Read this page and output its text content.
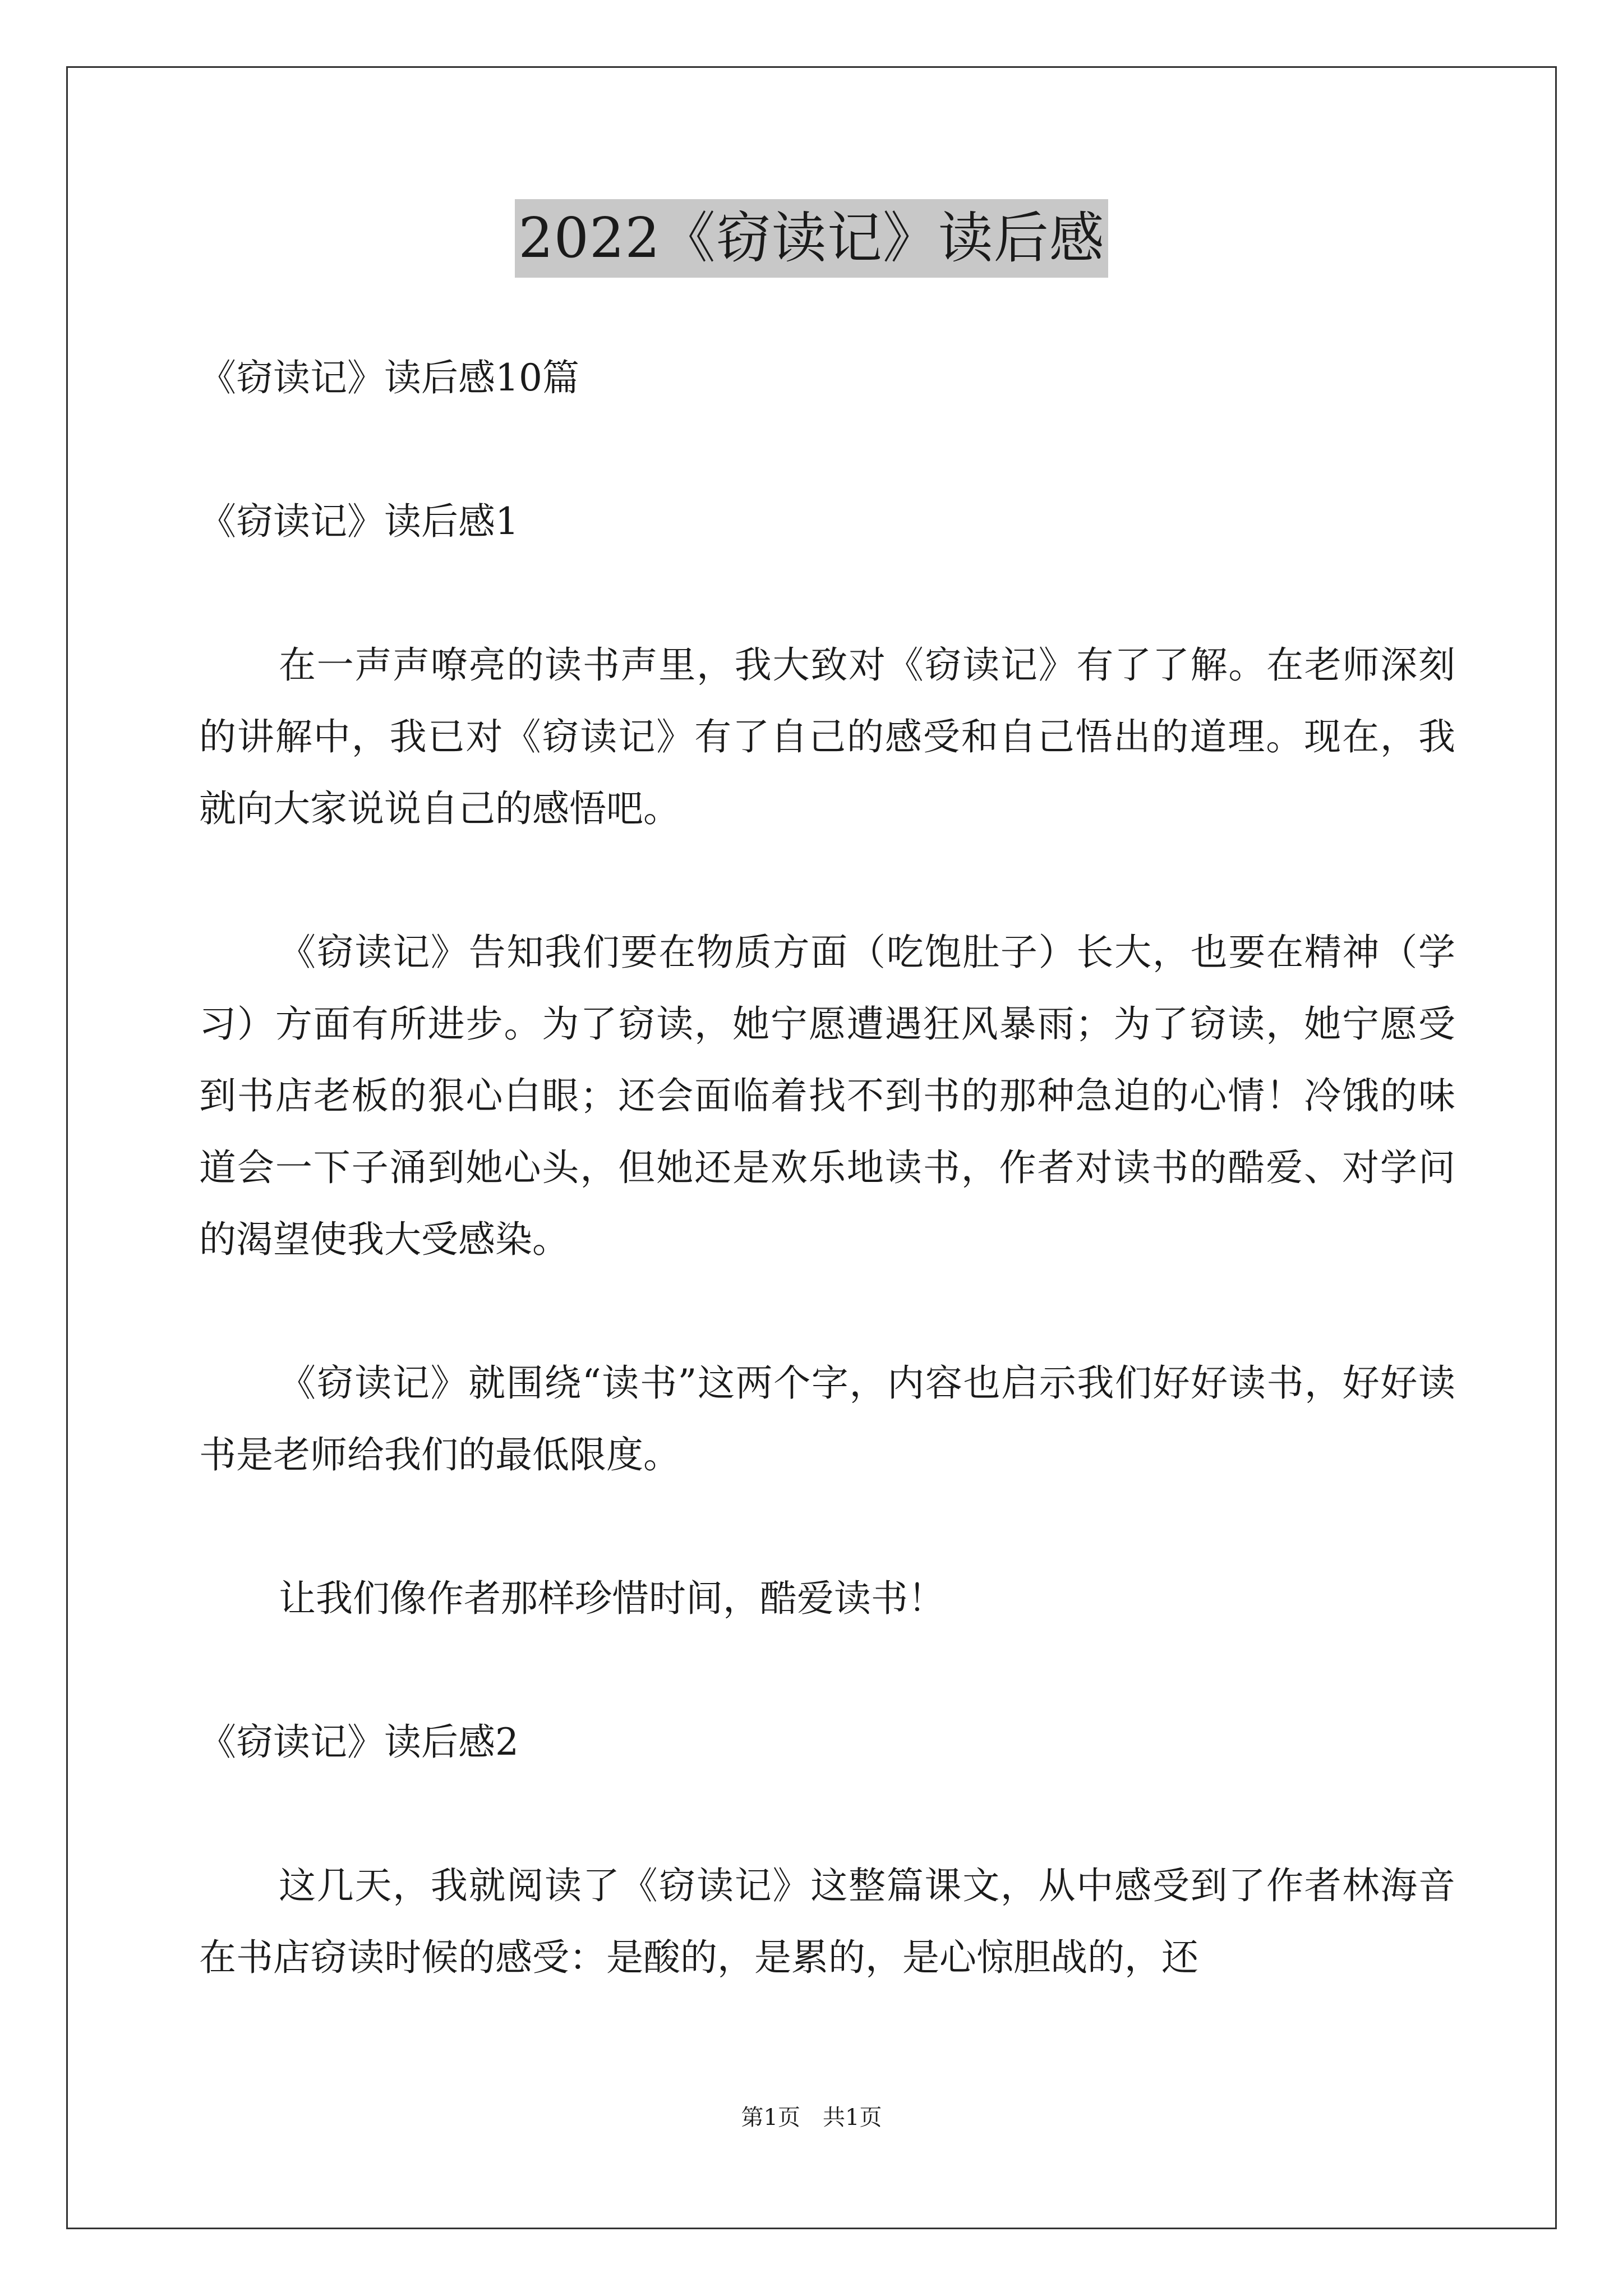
2022《窃读记》读后感

《窃读记》读后感10篇

《窃读记》读后感1

在一声声嘹亮的读书声里，我大致对《窃读记》有了了解。在老师深刻的讲解中，我已对《窃读记》有了自己的感受和自己悟出的道理。现在，我就向大家说说自己的感悟吧。

《窃读记》告知我们要在物质方面（吃饱肚子）长大，也要在精神（学习）方面有所进步。为了窃读，她宁愿遭遇狂风暴雨；为了窃读，她宁愿受到书店老板的狠心白眼；还会面临着找不到书的那种急迫的心情！冷饿的味道会一下子涌到她心头，但她还是欢乐地读书，作者对读书的酷爱、对学问的渴望使我大受感染。

《窃读记》就围绕“读书”这两个字，内容也启示我们好好读书，好好读书是老师给我们的最低限度。

让我们像作者那样珍惜时间，酷爱读书！

《窃读记》读后感2

这几天，我就阅读了《窃读记》这整篇课文，从中感受到了作者林海音在书店窃读时候的感受：是酸的，是累的，是心惊胆战的，还

第1页 共1页
